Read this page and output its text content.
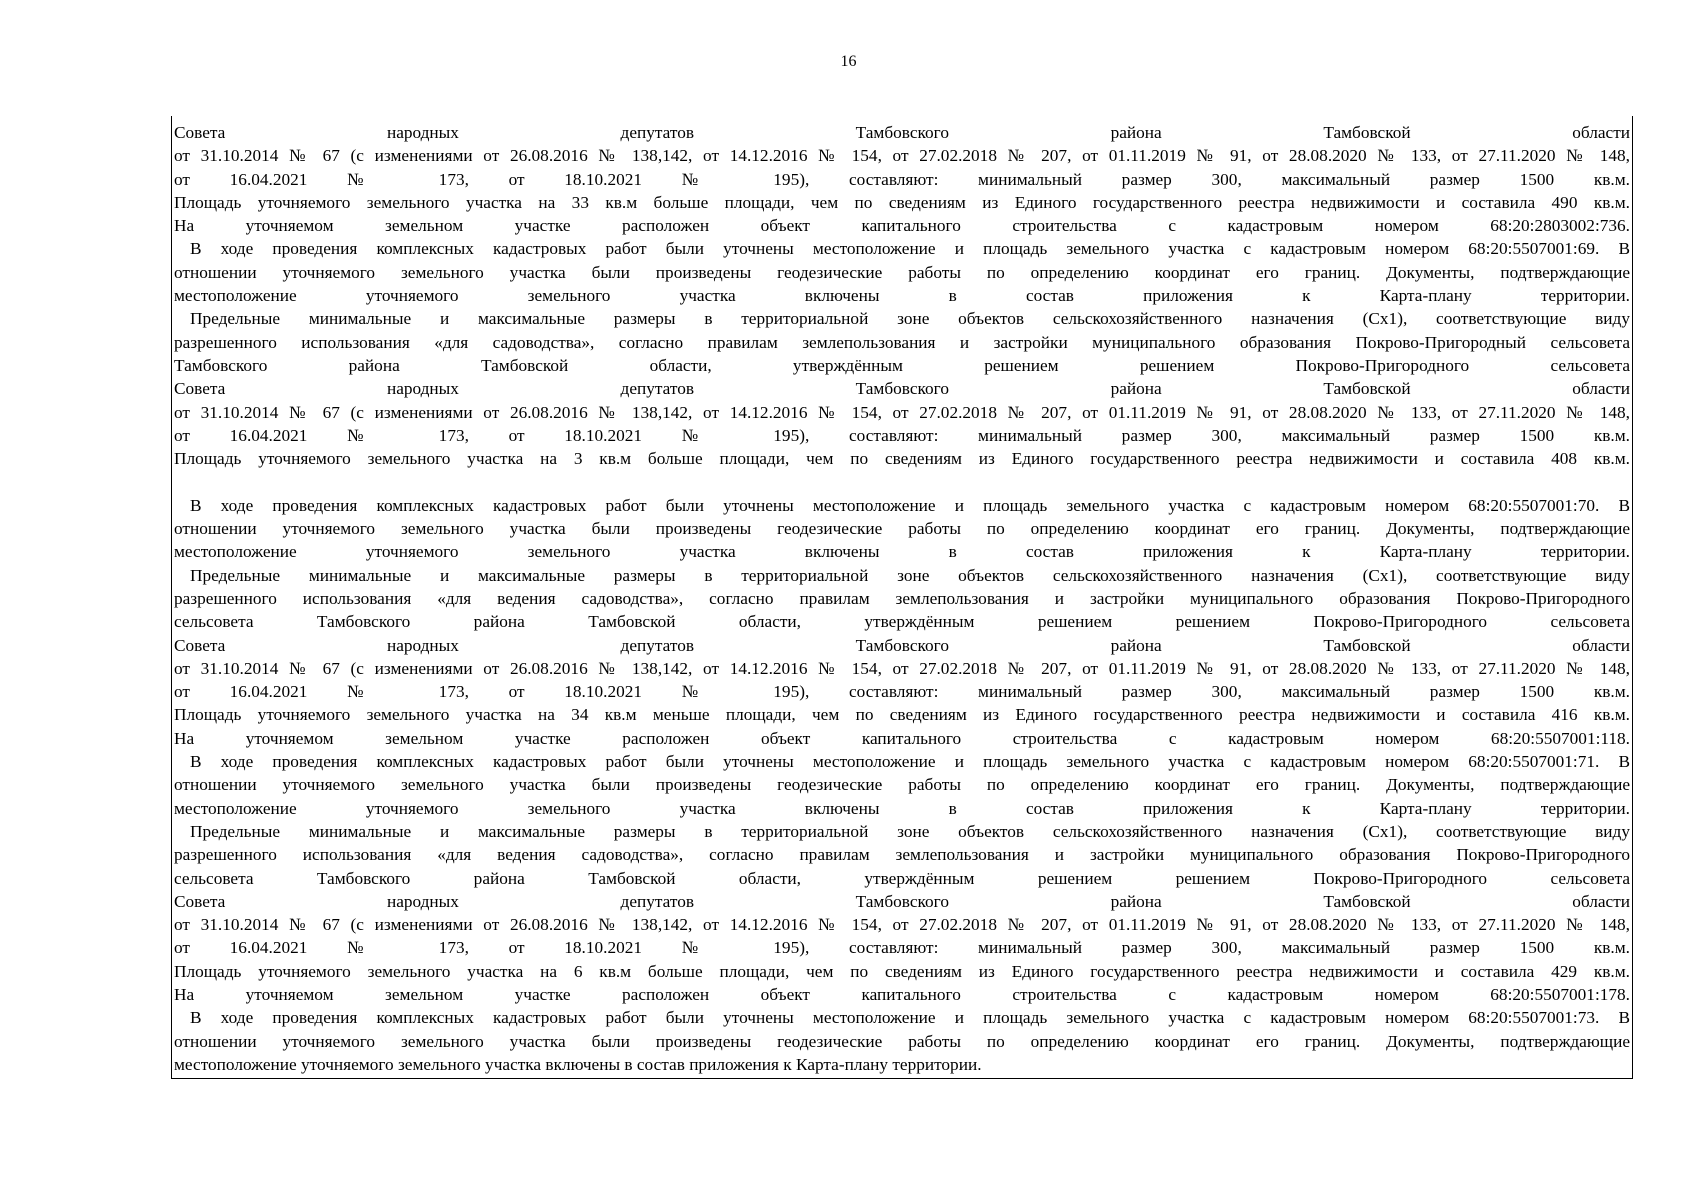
16
Совета народных депутатов Тамбовского района Тамбовской области
от 31.10.2014 № 67 (с изменениями от 26.08.2016 № 138,142, от 14.12.2016 № 154, от 27.02.2018 № 207, от 01.11.2019 № 91, от 28.08.2020 № 133, от 27.11.2020 № 148,
от 16.04.2021 № 173, от 18.10.2021 № 195), составляют: минимальный размер 300, максимальный размер 1500 кв.м.
Площадь уточняемого земельного участка на 33 кв.м больше площади, чем по сведениям из Единого государственного реестра недвижимости и составила 490 кв.м.
На уточняемом земельном участке расположен объект капитального строительства с кадастровым номером 68:20:2803002:736.
В ходе проведения комплексных кадастровых работ были уточнены местоположение и площадь земельного участка с кадастровым номером 68:20:5507001:69. В
отношении уточняемого земельного участка были произведены геодезические работы по определению координат его границ. Документы, подтверждающие
местоположение уточняемого земельного участка включены в состав приложения к Карта-плану территории.
Предельные минимальные и максимальные размеры в территориальной зоне объектов сельскохозяйственного назначения (Сх1), соответствующие виду
разрешенного использования «для садоводства», согласно правилам землепользования и застройки муниципального образования Покрово-Пригородный сельсовета
Тамбовского района Тамбовской области, утверждённым решением решением Покрово-Пригородного сельсовета
Совета народных депутатов Тамбовского района Тамбовской области
от 31.10.2014 № 67 (с изменениями от 26.08.2016 № 138,142, от 14.12.2016 № 154, от 27.02.2018 № 207, от 01.11.2019 № 91, от 28.08.2020 № 133, от 27.11.2020 № 148,
от 16.04.2021 № 173, от 18.10.2021 № 195), составляют: минимальный размер 300, максимальный размер 1500 кв.м.
Площадь уточняемого земельного участка на 3 кв.м больше площади, чем по сведениям из Единого государственного реестра недвижимости и составила 408 кв.м.
В ходе проведения комплексных кадастровых работ были уточнены местоположение и площадь земельного участка с кадастровым номером 68:20:5507001:70. В
отношении уточняемого земельного участка были произведены геодезические работы по определению координат его границ. Документы, подтверждающие
местоположение уточняемого земельного участка включены в состав приложения к Карта-плану территории.
Предельные минимальные и максимальные размеры в территориальной зоне объектов сельскохозяйственного назначения (Сх1), соответствующие виду
разрешенного использования «для ведения садоводства», согласно правилам землепользования и застройки муниципального образования Покрово-Пригородного
сельсовета Тамбовского района Тамбовской области, утверждённым решением решением Покрово-Пригородного сельсовета
Совета народных депутатов Тамбовского района Тамбовской области
от 31.10.2014 № 67 (с изменениями от 26.08.2016 № 138,142, от 14.12.2016 № 154, от 27.02.2018 № 207, от 01.11.2019 № 91, от 28.08.2020 № 133, от 27.11.2020 № 148,
от 16.04.2021 № 173, от 18.10.2021 № 195), составляют: минимальный размер 300, максимальный размер 1500 кв.м.
Площадь уточняемого земельного участка на 34 кв.м меньше площади, чем по сведениям из Единого государственного реестра недвижимости и составила 416 кв.м.
На уточняемом земельном участке расположен объект капитального строительства с кадастровым номером 68:20:5507001:118.
В ходе проведения комплексных кадастровых работ были уточнены местоположение и площадь земельного участка с кадастровым номером 68:20:5507001:71. В
отношении уточняемого земельного участка были произведены геодезические работы по определению координат его границ. Документы, подтверждающие
местоположение уточняемого земельного участка включены в состав приложения к Карта-плану территории.
Предельные минимальные и максимальные размеры в территориальной зоне объектов сельскохозяйственного назначения (Сх1), соответствующие виду
разрешенного использования «для ведения садоводства», согласно правилам землепользования и застройки муниципального образования Покрово-Пригородного
сельсовета Тамбовского района Тамбовской области, утверждённым решением решением Покрово-Пригородного сельсовета
Совета народных депутатов Тамбовского района Тамбовской области
от 31.10.2014 № 67 (с изменениями от 26.08.2016 № 138,142, от 14.12.2016 № 154, от 27.02.2018 № 207, от 01.11.2019 № 91, от 28.08.2020 № 133, от 27.11.2020 № 148,
от 16.04.2021 № 173, от 18.10.2021 № 195), составляют: минимальный размер 300, максимальный размер 1500 кв.м.
Площадь уточняемого земельного участка на 6 кв.м больше площади, чем по сведениям из Единого государственного реестра недвижимости и составила 429 кв.м.
На уточняемом земельном участке расположен объект капитального строительства с кадастровым номером 68:20:5507001:178.
В ходе проведения комплексных кадастровых работ были уточнены местоположение и площадь земельного участка с кадастровым номером 68:20:5507001:73. В
отношении уточняемого земельного участка были произведены геодезические работы по определению координат его границ. Документы, подтверждающие
местоположение уточняемого земельного участка включены в состав приложения к Карта-плану территории.
